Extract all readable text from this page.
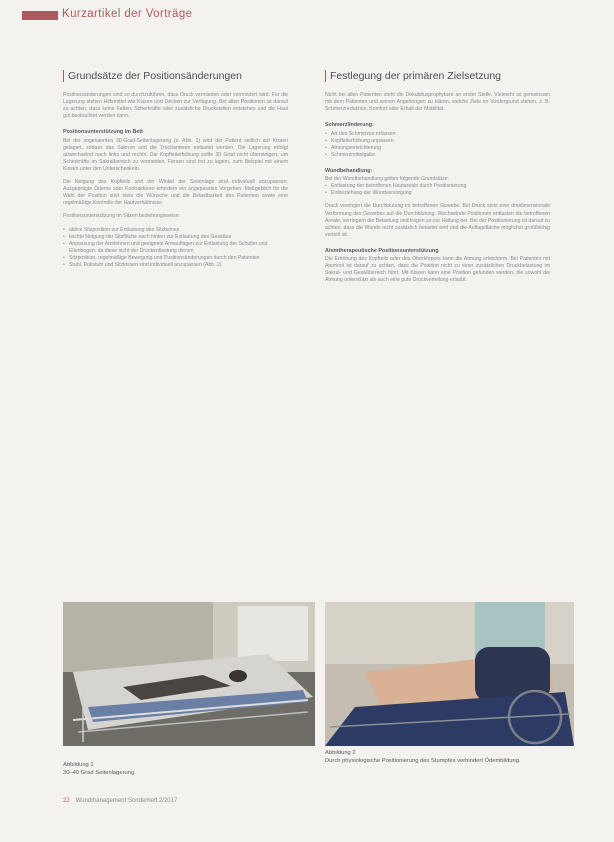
Kurzartikel der Vorträge
Grundsätze der Positionsänderungen

Positionsänderungen sind so durchzuführen, dass Druck vermieden oder vermindert wird. Für die Lagerung stehen Hilfsmittel wie Kissen und Decken zur Verfügung. Bei allen Positionen ist darauf zu achten, dass keine Falten, Scherkräfte oder zusätzliche Druckstellen entstehen und die Haut gut beobachtet werden kann.

Positionsunterstützung im Bett

Bei der sogenannten 30-Grad-Seitenlagerung (s. Abb. 1) wird der Patient seitlich auf Kissen gelagert, sodass das Sakrum und die Trochanteren entlastet werden. Die Lagerung erfolgt abwechselnd nach links und rechts. Die Kopfteilerhöhung sollte 30 Grad nicht übersteigen, um Scherkräfte im Sakralbereich zu vermeiden. Fersen sind frei zu lagern, zum Beispiel mit einem Kissen unter den Unterschenkeln.

Die Neigung des Kopfteils und der Winkel der Seitenlage sind individuell anzupassen. Ausgeprägte Ödeme oder Kontrakturen erfordern ein angepasstes Vorgehen. Maßgeblich für die Wahl der Position sind stets die Wünsche und die Belastbarkeit des Patienten sowie eine regelmäßige Kontrolle der Hautverhältnisse.

Positionsunterstützung im Sitzen beziehungsweise:

• aktive Sitzposition zur Entlastung des Sitzbeines
• leichte Neigung der Sitzfläche nach hinten zur Entlastung des Gesäßes
• Anpassung der Armlehnen und geeignete Armauflagen zur Entlastung der Schulter und Ellenbogen, da diese nicht der Druckentlastung dienen
• Sitzposition, regelmäßige Bewegung und Positionsänderungen durch den Patienten
• Stuhl, Rollstuhl und Sitzkissen sind individuell anzupassen (Abb. 2)
Festlegung der primären Zielsetzung

Nicht bei allen Patienten steht die Dekubitusprophylaxe an erster Stelle. Vielmehr ist gemeinsam mit dem Patienten und seinen Angehörigen zu klären, welche Ziele im Vordergrund stehen, z. B. Schmerzreduktion, Komfort oder Erhalt der Mobilität.

Schmerzlinderung:
• Art des Schmerzes erfassen
• Kopfteilerhöhung anpassen
• Atmungserleichterung
• Schmerzmittelgabe
Wundbehandlung:

Bei der Wundbehandlung gelten folgende Grundsätze:

• Entlastung der betroffenen Hautareale durch Positionierung
• Einbeziehung der Wundversorgung

Druck verringert die Durchblutung im betroffenen Gewebe. Bei Druck wirkt eine dreidimensionale Verformung des Gewebes auf die Durchblutung. Wechselnde Positionen entlasten die betroffenen Areale, verringern die Belastung und tragen so zur Heilung bei. Bei der Positionierung ist darauf zu achten, dass die Wunde nicht zusätzlich belastet wird und die Auflagefläche möglichst großflächig verteilt ist.

Atemtherapeutische Positionsunterstützung

Die Erhöhung des Kopfteils oder des Oberkörpers kann die Atmung erleichtern. Bei Patienten mit Atemnot ist darauf zu achten, dass die Position nicht zu einer zusätzlichen Druckbelastung im Sakral- und Gesäßbereich führt. Mit Kissen kann eine Position gefunden werden, die sowohl die Atmung unterstützt als auch eine gute Druckverteilung erlaubt.

Abbildung 1
30–40 Grad Seitenlagerung.
Abbildung 2
Durch physiologische Positionierung des Stumpfes verhindert Ödembildung.
22 Wundmanagement Sonderheft 2/2017
